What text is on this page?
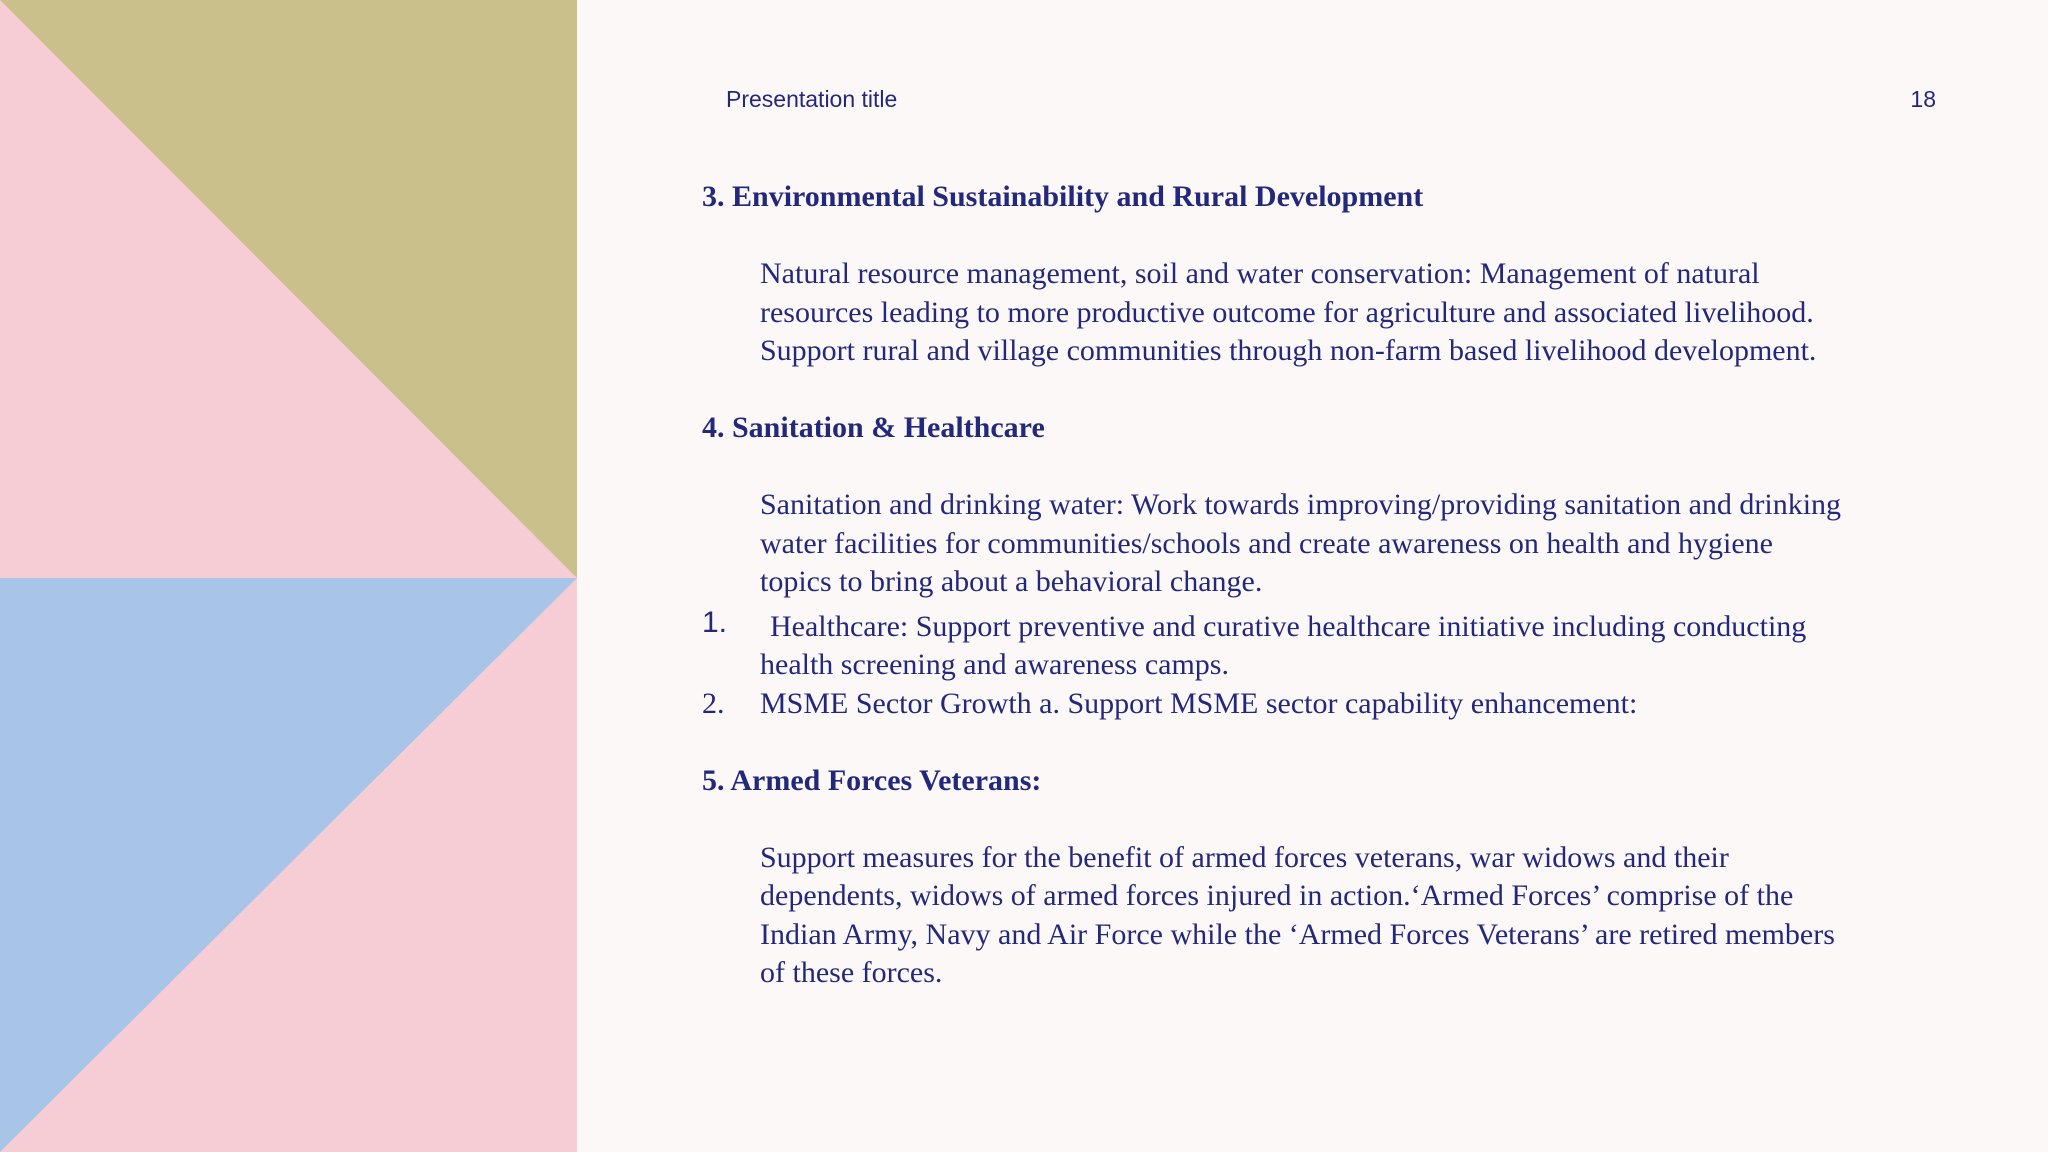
Presentation title	18

3. Environmental Sustainability and Rural Development

Natural resource management, soil and water conservation: Management of natural resources leading to more productive outcome for agriculture and associated livelihood. Support rural and village communities through non-farm based livelihood development.

4. Sanitation & Healthcare

Sanitation and drinking water: Work towards improving/providing sanitation and drinking water facilities for communities/schools and create awareness on health and hygiene topics to bring about a behavioral change.

1.	Healthcare: Support preventive and curative healthcare initiative including conducting health screening and awareness camps.
2. MSME Sector Growth a. Support MSME sector capability enhancement:

5. Armed Forces Veterans:

Support measures for the benefit of armed forces veterans, war widows and their dependents, widows of armed forces injured in action.‘Armed Forces’ comprise of the Indian Army, Navy and Air Force while the ‘Armed Forces Veterans’ are retired members of these forces.
